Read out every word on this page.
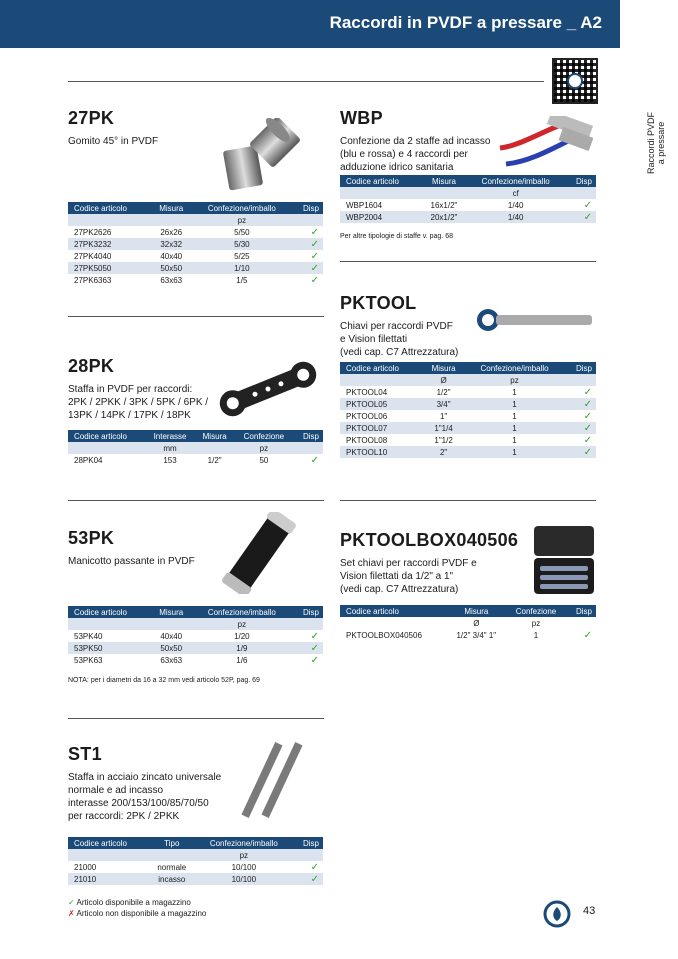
Raccordi in PVDF a pressare _ A2
Raccordi PVDF a pressare
27PK
Gomito 45° in PVDF
Codice articolo	Misura	Confezione/imballo	Disp
		pz	
27PK2626	26x26	5/50	✓
27PK3232	32x32	5/30	✓
27PK4040	40x40	5/25	✓
27PK5050	50x50	1/10	✓
27PK6363	63x63	1/5	✓
WBP
Confezione da 2 staffe ad incasso
(blu e rossa) e 4 raccordi per
adduzione idrico sanitaria
Codice articolo	Misura	Confezione/imballo	Disp
		cf	
WBP1604	16x1/2"	1/40	✓
WBP2004	20x1/2"	1/40	✓
Per altre tipologie di staffe v. pag. 68
PKTOOL
Chiavi per raccordi PVDF
e Vision filettati
(vedi cap. C7 Attrezzatura)
Codice articolo	Misura	Confezione/imballo	Disp
	Ø	pz	
PKTOOL04	1/2"	1	✓
PKTOOL05	3/4"	1	✓
PKTOOL06	1"	1	✓
PKTOOL07	1"1/4	1	✓
PKTOOL08	1"1/2	1	✓
PKTOOL10	2"	1	✓
28PK
Staffa in PVDF per raccordi:
2PK / 2PKK / 3PK / 5PK / 6PK /
13PK / 14PK / 17PK / 18PK
Codice articolo	Interasse	Misura	Confezione	Disp
	mm		pz	
28PK04	153	1/2"	50	✓
53PK
Manicotto passante in PVDF
Codice articolo	Misura	Confezione/imballo	Disp
		pz	
53PK40	40x40	1/20	✓
53PK50	50x50	1/9	✓
53PK63	63x63	1/6	✓
NOTA: per i diametri da 16 a 32 mm vedi articolo 52P, pag. 69
PKTOOLBOX040506
Set chiavi per raccordi PVDF e
Vision filettati da 1/2" a 1"
(vedi cap. C7 Attrezzatura)
Codice articolo	Misura	Confezione	Disp
	Ø	pz	
PKTOOLBOX040506	1/2" 3/4" 1"	1	✓
ST1
Staffa in acciaio zincato universale
normale e ad incasso
interasse 200/153/100/85/70/50
per raccordi: 2PK / 2PKK
Codice articolo	Tipo	Confezione/imballo	Disp
		pz	
21000	normale	10/100	✓
21010	incasso	10/100	✓
✓ Articolo disponibile a magazzino
✗ Articolo non disponibile a magazzino	43
